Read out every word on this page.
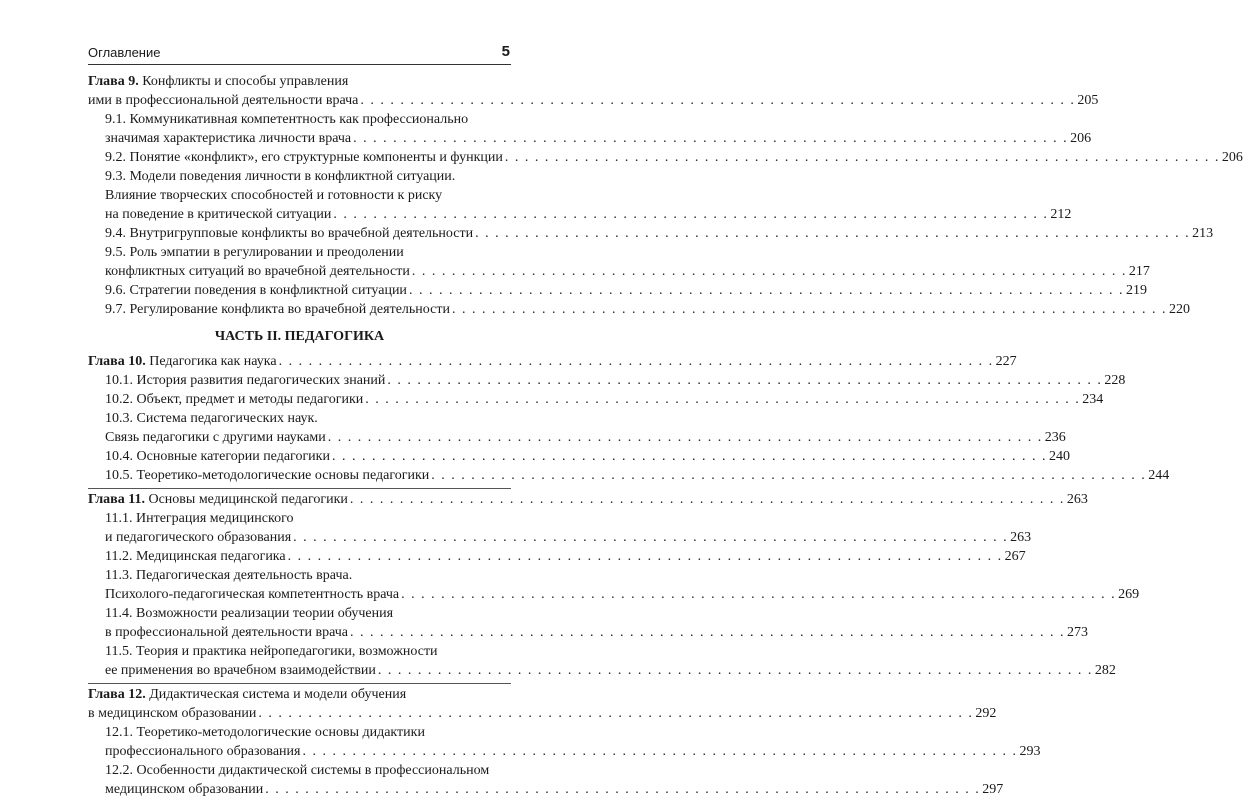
Оглавление	5
Глава 9. Конфликты и способы управления
ими в профессиональной деятельности врача . . .	205
9.1. Коммуникативная компетентность как профессионально
значимая характеристика личности врача . . .	206
9.2. Понятие «конфликт», его структурные компоненты и функции . . .	206
9.3. Модели поведения личности в конфликтной ситуации.
Влияние творческих способностей и готовности к риску
на поведение в критической ситуации . . .	212
9.4. Внутригрупповые конфликты во врачебной деятельности . . .	213
9.5. Роль эмпатии в регулировании и преодолении
конфликтных ситуаций во врачебной деятельности . . .	217
9.6. Стратегии поведения в конфликтной ситуации . . .	219
9.7. Регулирование конфликта во врачебной деятельности . . .	220
ЧАСТЬ II. ПЕДАГОГИКА
Глава 10. Педагогика как наука . . .	227
10.1. История развития педагогических знаний . . .	228
10.2. Объект, предмет и методы педагогики . . .	234
10.3. Система педагогических наук.
Связь педагогики с другими науками . . .	236
10.4. Основные категории педагогики . . .	240
10.5. Теоретико-методологические основы педагогики . . .	244
Глава 11. Основы медицинской педагогики . . .	263
11.1. Интеграция медицинского
и педагогического образования . . .	263
11.2. Медицинская педагогика . . .	267
11.3. Педагогическая деятельность врача.
Психолого-педагогическая компетентность врача . . .	269
11.4. Возможности реализации теории обучения
в профессиональной деятельности врача . . .	273
11.5. Теория и практика нейропедагогики, возможности
ее применения во врачебном взаимодействии . . .	282
Глава 12. Дидактическая система и модели обучения
в медицинском образовании . . .	292
12.1. Теоретико-методологические основы дидактики
профессионального образования . . .	293
12.2. Особенности дидактической системы в профессиональном
медицинском образовании . . .	297
